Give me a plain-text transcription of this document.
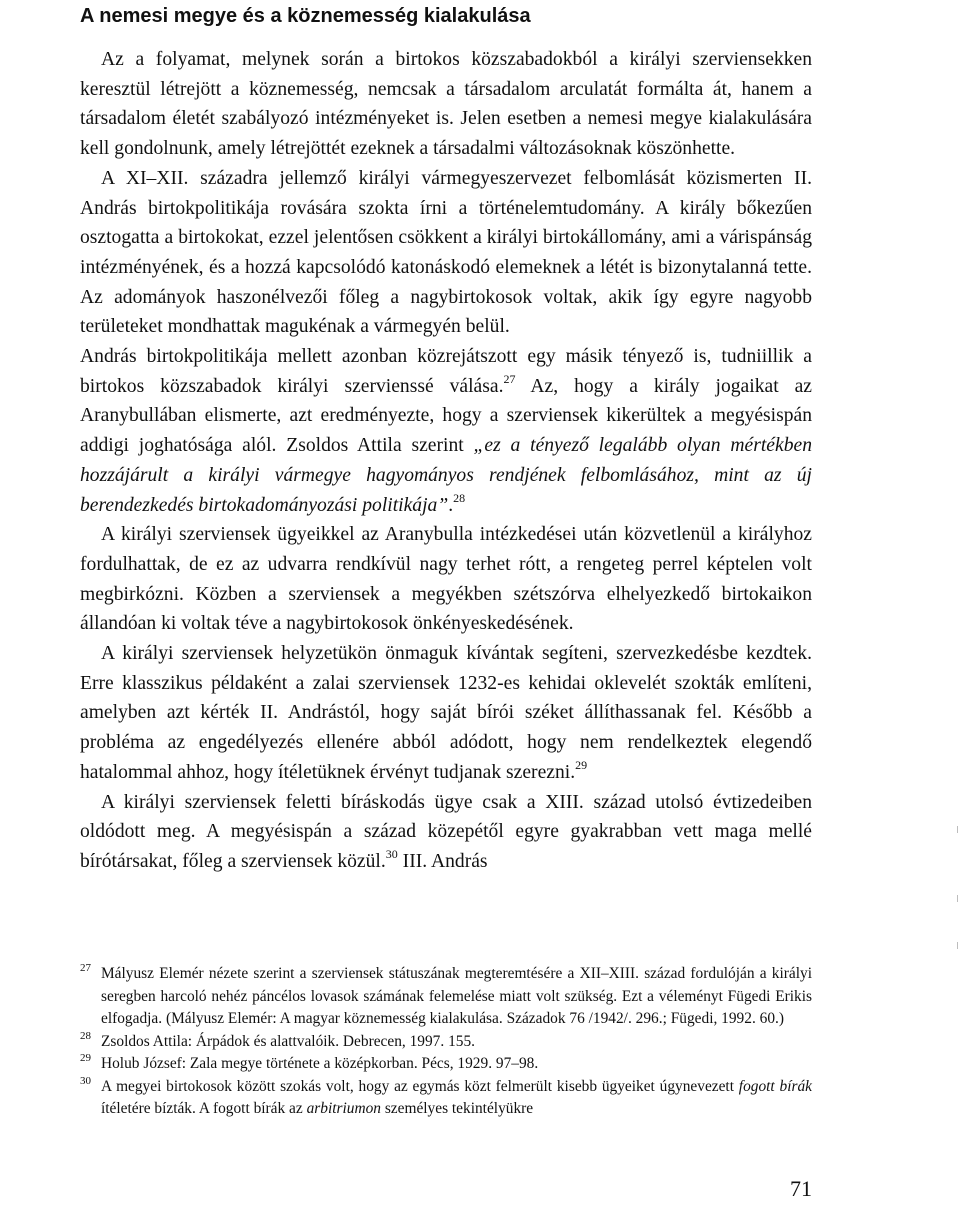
A nemesi megye és a köznemesség kialakulása

Az a folyamat, melynek során a birtokos közszabadokból a királyi szerviensekken keresztül létrejött a köznemesség, nemcsak a társadalom arculatát formálta át, hanem a társadalom életét szabályozó intézményeket is. Jelen esetben a nemesi megye kialakulására kell gondolnunk, amely létrejöttét ezeknek a társadalmi változásoknak köszönhette.

A XI–XII. századra jellemző királyi vármegyeszervezet felbomlását közismerten II. András birtokpolitikája rovására szokta írni a történelemtudomány. A király bőkezűen osztogatta a birtokokat, ezzel jelentősen csökkent a királyi birtokállomány, ami a várispánság intézményének, és a hozzá kapcsolódó katonáskodó elemeknek a létét is bizonytalanná tette. Az adományok haszonélvezői főleg a nagybirtokosok voltak, akik így egyre nagyobb területeket mondhattak magukénak a vármegyén belül.

András birtokpolitikája mellett azonban közrejátszott egy másik tényező is, tudniillik a birtokos közszabadok királyi szervienssé válása.$^{27}$ Az, hogy a király jogaikat az Aranybullában elismerte, azt eredményezte, hogy a szerviensek kikerültek a megyésispán addigi joghatósága alól. Zsoldos Attila szerint „ez a tényező legalább olyan mértékben hozzájárult a királyi vármegye hagyományos rendjének felbomlásához, mint az új berendezkedés birtokadományozási politikája”.$^{28}$

A királyi szerviensek ügyeikkel az Aranybulla intézkedései után közvetlenül a királyhoz fordulhattak, de ez az udvarra rendkívül nagy terhet rótt, a rengeteg perrel képtelen volt megbirkózni. Közben a szerviensek a megyékben szétszórva elhelyezkedő birtokaikon állandóan ki voltak téve a nagybirtokosok önkényeskedésének.

A királyi szerviensek helyzetükön önmaguk kívántak segíteni, szervezkedésbe kezdtek. Erre klasszikus példaként a zalai szerviensek 1232-es kehidai oklevelét szokták említeni, amelyben azt kérték II. Andrástól, hogy saját bírói széket állíthassanak fel. Később a probléma az engedélyezés ellenére abból adódott, hogy nem rendelkeztek elegendő hatalommal ahhoz, hogy ítéletüknek érvényt tudjanak szerezni.$^{29}$

A királyi szerviensek feletti bíráskodás ügye csak a XIII. század utolsó évtizedeiben oldódott meg. A megyésispán a század közepétől egyre gyakrabban vett maga mellé bírótársakat, főleg a szerviensek közül.$^{30}$ III. András

$^{27}$ Mályusz Elemér nézete szerint a szerviensek státuszának megteremtésére a XII–XIII. század fordulóján a királyi seregben harcoló nehéz páncélos lovasok számának felemelése miatt volt szükség. Ezt a véleményt Fügedi Erikis elfogadja. (Mályusz Elemér: A magyar köznemesség kialakulása. Századok 76 /1942/. 296.; Fügedi, 1992. 60.)

$^{28}$ Zsoldos Attila: Árpádok és alattvalóik. Debrecen, 1997. 155.

$^{29}$ Holub József: Zala megye története a középkorban. Pécs, 1929. 97–98.

$^{30}$ A megyei birtokosok között szokás volt, hogy az egymás közt felmerült kisebb ügyeiket úgynevezett fogott bírák ítéletére bízták. A fogott bírák az arbitriumon személyes tekintélyükre

71
